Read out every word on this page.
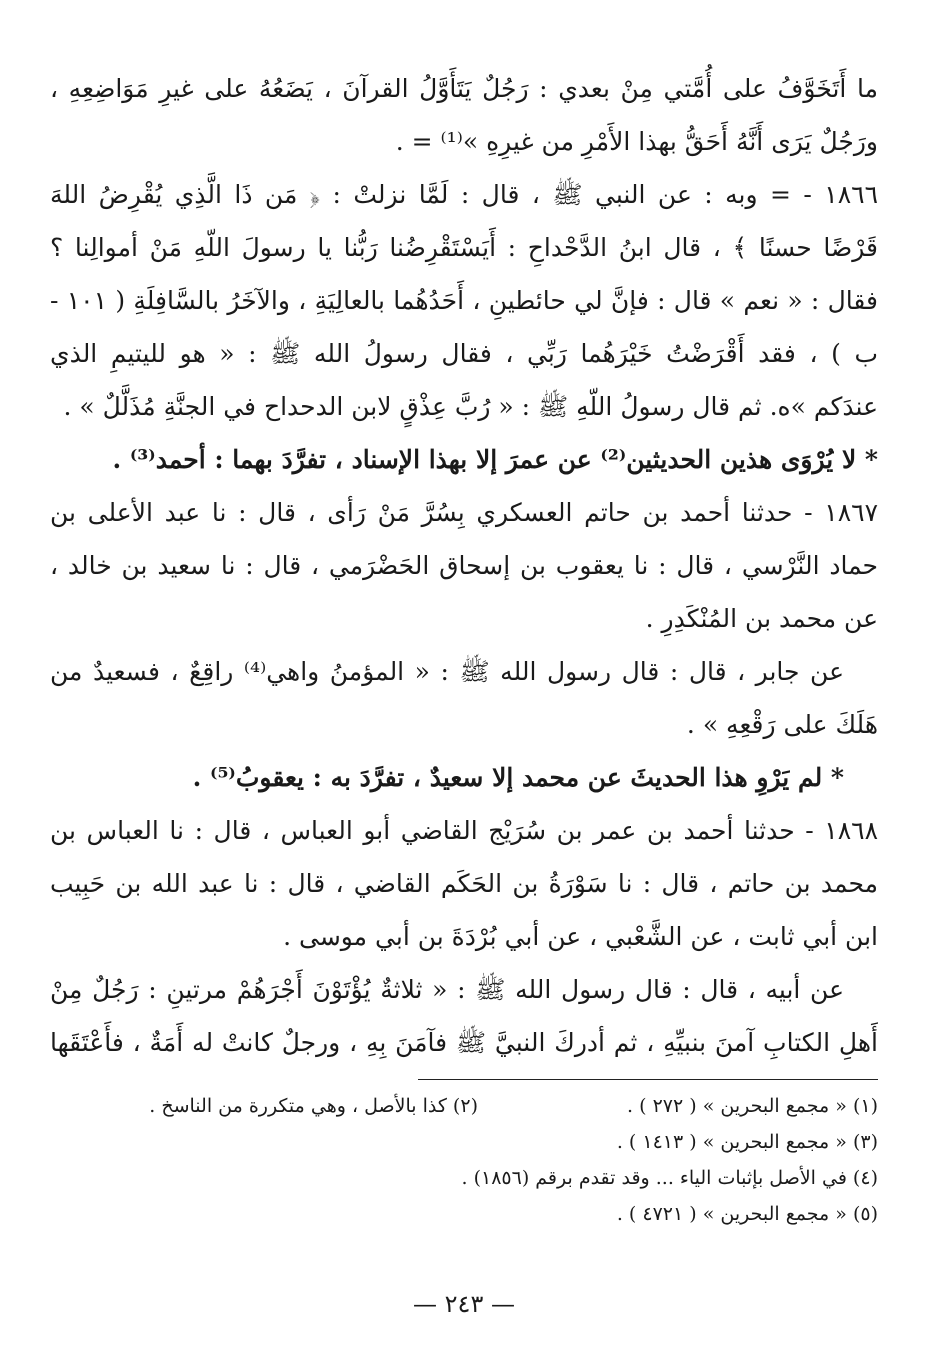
ما أَتَخَوَّفُ على أُمَّتي مِنْ بعدي : رَجُلٌ يَتَأَوَّلُ القرآنَ ، يَضَعُهُ على غيرِ مَوَاضِعِهِ ،
ورَجُلٌ يَرَى أَنَّهُ أَحَقُّ بهذا الأَمْرِ من غيرِهِ »⁽¹⁾ = .
١٨٦٦ - = وبه : عن النبي ﷺ ، قال : لَمَّا نزلتْ : ﴿ مَن ذَا الَّذِي يُقْرِضُ اللهَ
قَرْضًا حسنًا ﴾ ، قال ابنُ الدَّحْداحِ : أَيَسْتَقْرِضُنا رَبُّنا يا رسولَ اللّهِ مَنْ أموالِنا ؟
فقال : « نعم » قال : فإنَّ لي حائطينِ ، أَحَدُهُما بالعالِيَةِ ، والآخَرُ بالسَّافِلَةِ ( ١٠١ -
ب ) ، فقد أَقْرَضْتُ خَيْرَهُما رَبِّي ، فقال رسولُ الله ﷺ : « هو لليتيمِ الذي
عندَكم »ه. ثم قال رسولُ اللّهِ ﷺ : « رُبَّ عِذْقٍ لابن الدحداح في الجنَّةِ مُذَلَّلٌ » .
* لا يُرْوَى هذين الحديثين⁽²⁾ عن عمرَ إلا بهذا الإسناد ، تفرَّدَ بهما : أحمد⁽³⁾ .
١٨٦٧ - حدثنا أحمد بن حاتم العسكري بِسُرَّ مَنْ رَأى ، قال : نا عبد الأعلى بن
حماد النَّرْسي ، قال : نا يعقوب بن إسحاق الحَضْرَمي ، قال : نا سعيد بن خالد ،
عن محمد بن المُنْكَدِرِ .
عن جابر ، قال : قال رسول الله ﷺ : « المؤمنُ واهي⁽⁴⁾ راقِعٌ ، فسعيدٌ من
هَلَكَ على رَقْعِهِ » .
* لم يَرْوِ هذا الحديثَ عن محمد إلا سعيدٌ ، تفرَّدَ به : يعقوبُ⁽⁵⁾ .
١٨٦٨ - حدثنا أحمد بن عمر بن سُرَيْج القاضي أبو العباس ، قال : نا العباس بن
محمد بن حاتم ، قال : نا سَوْرَةُ بن الحَكَم القاضي ، قال : نا عبد الله بن حَبِيب
ابن أبي ثابت ، عن الشَّعْبي ، عن أبي بُرْدَةَ بن أبي موسى .
عن أبيه ، قال : قال رسول الله ﷺ : « ثلاثةٌ يُؤْتَوْنَ أَجْرَهُمْ مرتينِ : رَجُلٌ مِنْ
أَهلِ الكتابِ آمنَ بنبيِّهِ ، ثم أدركَ النبيَّ ﷺ فآمَنَ بِهِ ، ورجلٌ كانتْ له أَمَةٌ ، فأَعْتَقَها
(١) « مجمع البحرين » ( ٢٧٢ ) .
(٢) كذا بالأصل ، وهي متكررة من الناسخ .
(٣) « مجمع البحرين » ( ١٤١٣ ) .
(٤) في الأصل بإثبات الياء ... وقد تقدم برقم (١٨٥٦) .
(٥) « مجمع البحرين » ( ٤٧٢١ ) .
— ٢٤٣ —
